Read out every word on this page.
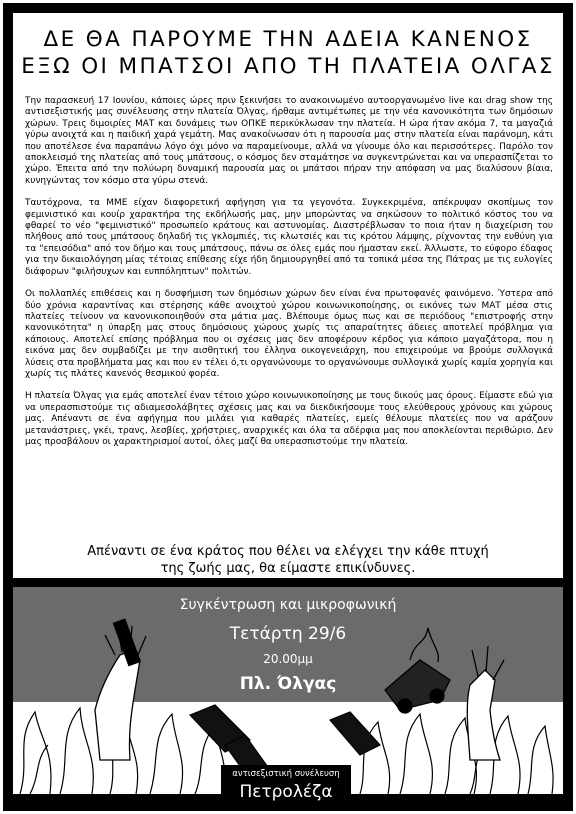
ΔΕ ΘΑ ΠΑΡΟΥΜΕ ΤΗΝ ΑΔΕΙΑ ΚΑΝΕΝΟΣ
ΕΞΩ ΟΙ ΜΠΑΤΣΟΙ ΑΠΟ ΤΗ ΠΛΑΤΕΙΑ ΟΛΓΑΣ

Την παρασκευή 17 Ιουνίου, κάποιες ώρες πριν ξεκινήσει το ανακοινωμένο αυτοοργανωμένο live και drag show της αντισεξιστικής μας συνέλευσης στην πλατεία Όλγας, ήρθαμε αντιμέτωπες με την νέα κανονικότητα των δημόσιων χώρων. Τρεις διμοιρίες ΜΑΤ και δυνάμεις των ΟΠΚΕ περικύκλωσαν την πλατεία. Η ώρα ήταν ακόμα 7, τα μαγαζιά γύρω ανοιχτά και η παιδική χαρά γεμάτη. Μας ανακοίνωσαν ότι η παρουσία μας στην πλατεία είναι παράνομη, κάτι που αποτέλεσε ένα παραπάνω λόγο όχι μόνο να παραμείνουμε, αλλά να γίνουμε όλο και περισσότερες. Παρόλο τον αποκλεισμό της πλατείας από τους μπάτσους, ο κόσμος δεν σταμάτησε να συγκεντρώνεται και να υπερασπίζεται το χώρο. Έπειτα από την πολύωρη δυναμική παρουσία μας οι μπάτσοι πήραν την απόφαση να μας διαλύσουν βίαια, κυνηγώντας τον κόσμο στα γύρω στενά.

Ταυτόχρονα, τα ΜΜΕ είχαν διαφορετική αφήγηση για τα γεγονότα. Συγκεκριμένα, απέκρυψαν σκοπίμως τον φεμινιστικό και κουίρ χαρακτήρα της εκδήλωσής μας, μην μπορώντας να σηκώσουν το πολιτικό κόστος του να φθαρεί το νέο "φεμινιστικό" προσωπείο κράτους και αστυνομίας. Διαστρέβλωσαν το ποια ήταν η διαχείριση του πλήθους από τους μπάτσους δηλαδή τις γκλομπιές, τις κλωτσιές και τις κρότου λάμψης, ρίχνοντας την ευθύνη για τα "επεισόδια" από τον δήμο και τους μπάτσους, πάνω σε όλες εμάς που ήμασταν εκεί. Άλλωστε, το εύφορο έδαφος για την δικαιολόγηση μίας τέτοιας επίθεσης είχε ήδη δημιουργηθεί από τα τοπικά μέσα της Πάτρας με τις ευλογίες διάφορων "φιλήσυχων και ευππόληπτων" πολιτών.

Οι πολλαπλές επιθέσεις και η δυσφήμιση των δημόσιων χώρων δεν είναι ένα πρωτοφανές φαινόμενο. Ύστερα από δύο χρόνια καραντίνας και στέρησης κάθε ανοιχτού χώρου κοινωνικοποίησης, οι εικόνες των ΜΑΤ μέσα στις πλατείες τείνουν να κανονικοποιηθούν στα μάτια μας. Βλέπουμε όμως πως και σε περιόδους "επιστροφής στην κανονικότητα" η ύπαρξη μας στους δημόσιους χώρους χωρίς τις απαραίτητες άδειες αποτελεί πρόβλημα για κάποιους. Αποτελεί επίσης πρόβλημα που οι σχέσεις μας δεν αποφέρουν κέρδος για κάποιο μαγαζάτορα, που η εικόνα μας δεν συμβαδίζει με την αισθητική του έλληνα οικογενειάρχη, που επιχειρούμε να βρούμε συλλογικά λύσεις στα προβλήματα μας και που εν τέλει ό,τι οργανώνουμε το οργανώνουμε συλλογικά χωρίς καμία χορηγία και χωρίς τις πλάτες κανενός θεσμικού φορέα.

Η πλατεία Όλγας για εμάς αποτελεί έναν τέτοιο χώρο κοινωνικοποίησης με τους δικούς μας όρους. Είμαστε εδώ για να υπερασπιστούμε τις αδιαμεσολάβητες σχέσεις μας και να διεκδικήσουμε τους ελεύθερους χρόνους και χώρους μας. Απέναντι σε ένα αφήγημα που μιλάει για καθαρές πλατείες, εμείς θέλουμε πλατείες που να αράζουν μετανάστριες, γκέι, τρανς, λεσβίες, χρήστριες, αναρχικές και όλα τα αδέρφια μας που αποκλείονται περιθώριο. Δεν μας προσβάλουν οι χαρακτηρισμοί αυτοί, όλες μαζί θα υπερασπιστούμε την πλατεία.

Απέναντι σε ένα κράτος που θέλει να ελέγχει την κάθε πτυχή
της ζωής μας, θα είμαστε επικίνδυνες.
Συγκέντρωση και μικροφωνική
Τετάρτη 29/6
20.00μμ
Πλ. Όλγας
αντισεξιστική συνέλευση
Πετρολέζα
petroleza@riseup.net	petroleza.blackblogs.org
